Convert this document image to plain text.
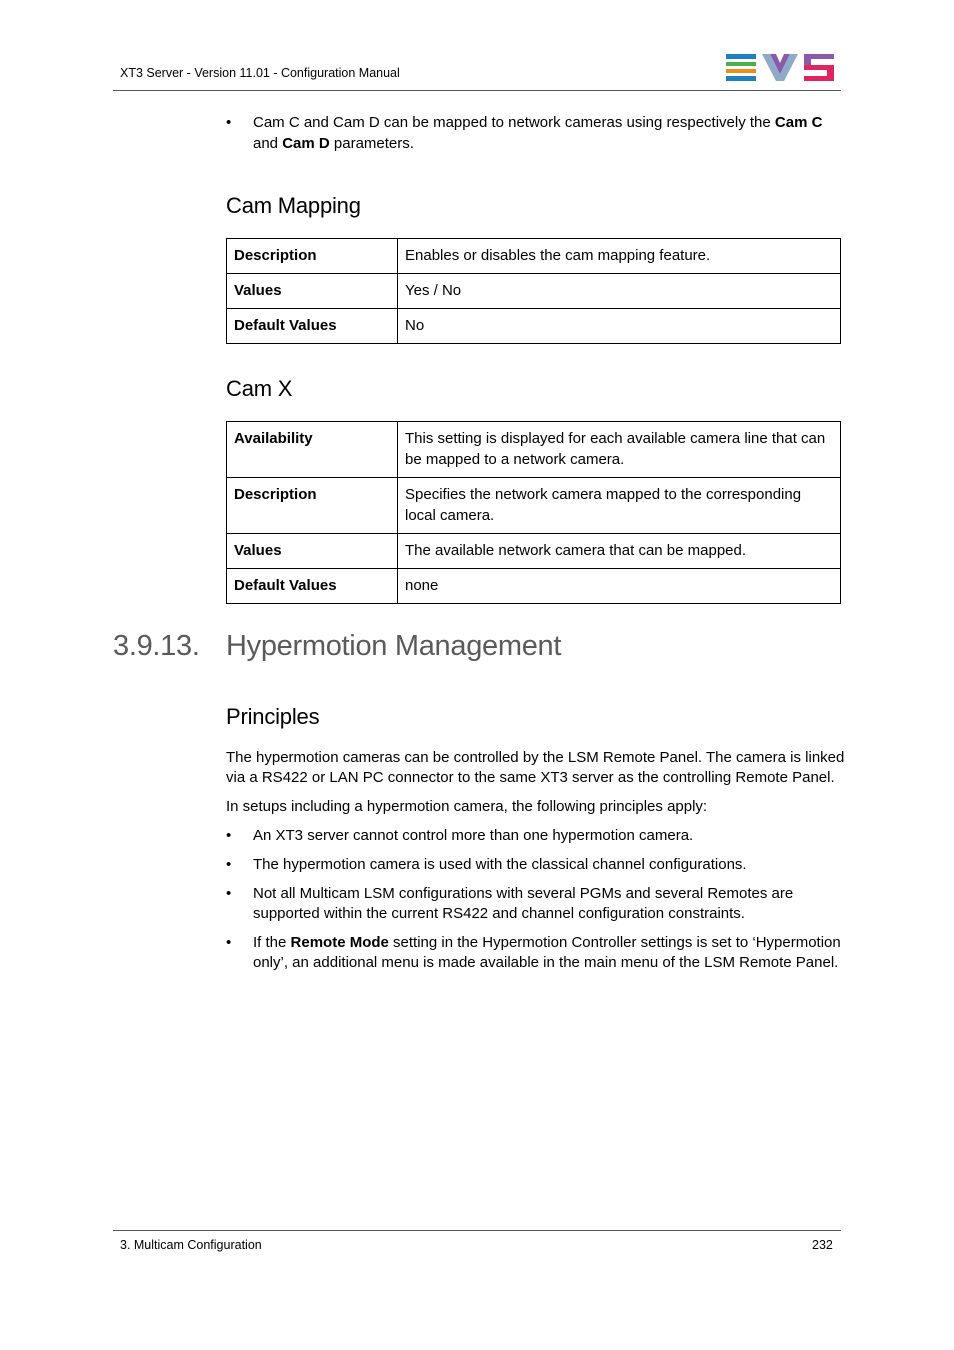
XT3 Server - Version 11.01 - Configuration Manual
• Cam C and Cam D can be mapped to network cameras using respectively the Cam C and Cam D parameters.
Cam Mapping
Description	Enables or disables the cam mapping feature.
Values	Yes / No
Default Values	No
Cam X
Availability	This setting is displayed for each available camera line that can be mapped to a network camera.
Description	Specifies the network camera mapped to the corresponding local camera.
Values	The available network camera that can be mapped.
Default Values	none
3.9.13. Hypermotion Management
Principles

The hypermotion cameras can be controlled by the LSM Remote Panel. The camera is linked via a RS422 or LAN PC connector to the same XT3 server as the controlling Remote Panel.

In setups including a hypermotion camera, the following principles apply:

• An XT3 server cannot control more than one hypermotion camera.
• The hypermotion camera is used with the classical channel configurations.
• Not all Multicam LSM configurations with several PGMs and several Remotes are supported within the current RS422 and channel configuration constraints.
• If the Remote Mode setting in the Hypermotion Controller settings is set to ‘Hypermotion only’, an additional menu is made available in the main menu of the LSM Remote Panel.
3. Multicam Configuration	232
